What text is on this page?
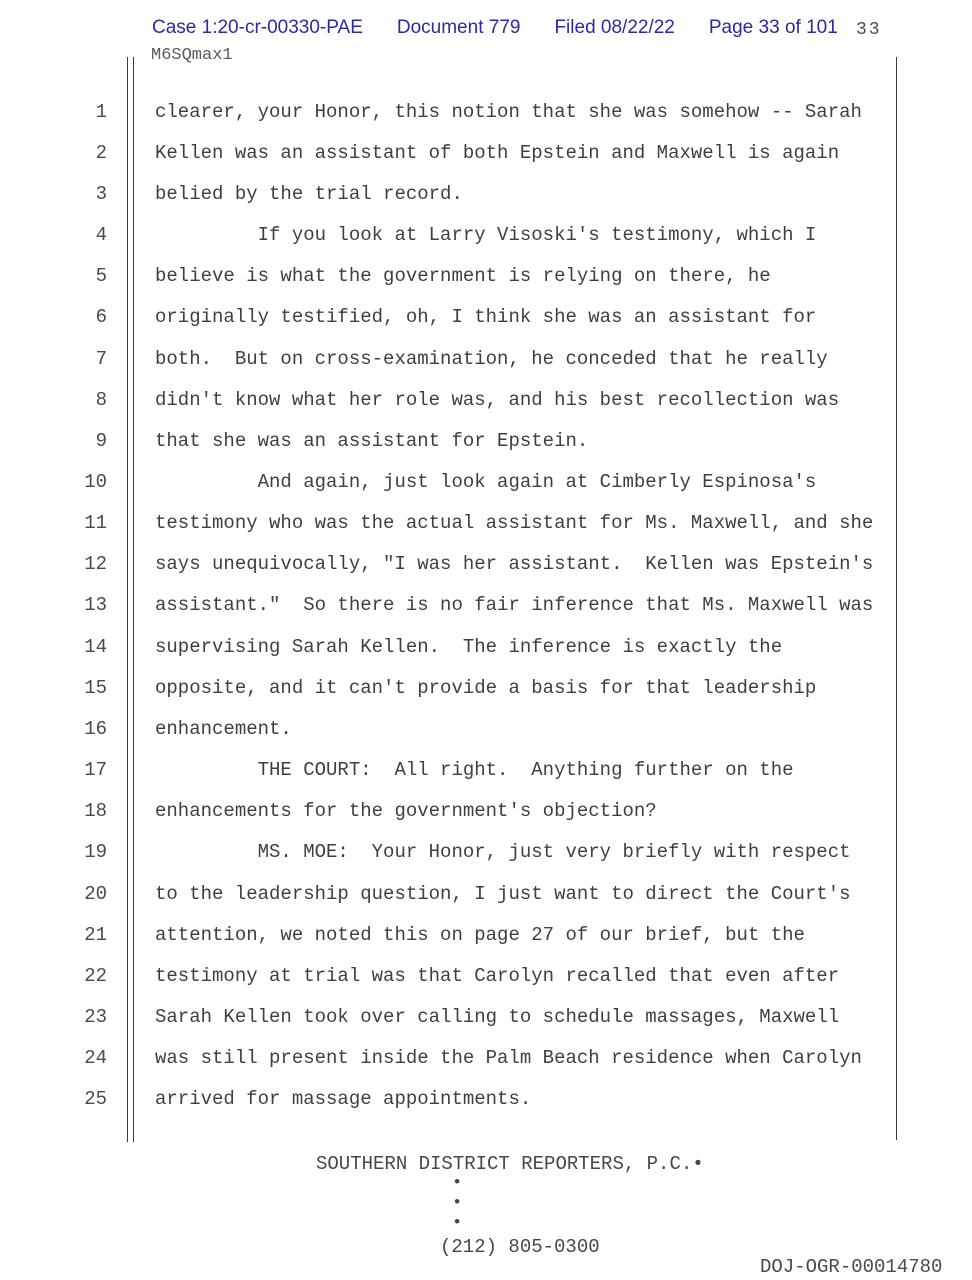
Case 1:20-cr-00330-PAE Document 779 Filed 08/22/22 Page 33 of 101 33
M6SQmax1
1	clearer, your Honor, this notion that she was somehow -- Sarah
2	Kellen was an assistant of both Epstein and Maxwell is again
3	belied by the trial record.
4	If you look at Larry Visoski's testimony, which I
5	believe is what the government is relying on there, he
6	originally testified, oh, I think she was an assistant for
7	both.  But on cross-examination, he conceded that he really
8	didn't know what her role was, and his best recollection was
9	that she was an assistant for Epstein.
10	And again, just look again at Cimberly Espinosa's
11	testimony who was the actual assistant for Ms. Maxwell, and she
12	says unequivocally, "I was her assistant.  Kellen was Epstein's
13	assistant."  So there is no fair inference that Ms. Maxwell was
14	supervising Sarah Kellen.  The inference is exactly the
15	opposite, and it can't provide a basis for that leadership
16	enhancement.
17	THE COURT:  All right.  Anything further on the
18	enhancements for the government's objection?
19	MS. MOE:  Your Honor, just very briefly with respect
20	to the leadership question, I just want to direct the Court's
21	attention, we noted this on page 27 of our brief, but the
22	testimony at trial was that Carolyn recalled that even after
23	Sarah Kellen took over calling to schedule massages, Maxwell
24	was still present inside the Palm Beach residence when Carolyn
25	arrived for massage appointments.
SOUTHERN DISTRICT REPORTERS, P.C.•
•
•
•
(212) 805-0300
DOJ-OGR-00014780
